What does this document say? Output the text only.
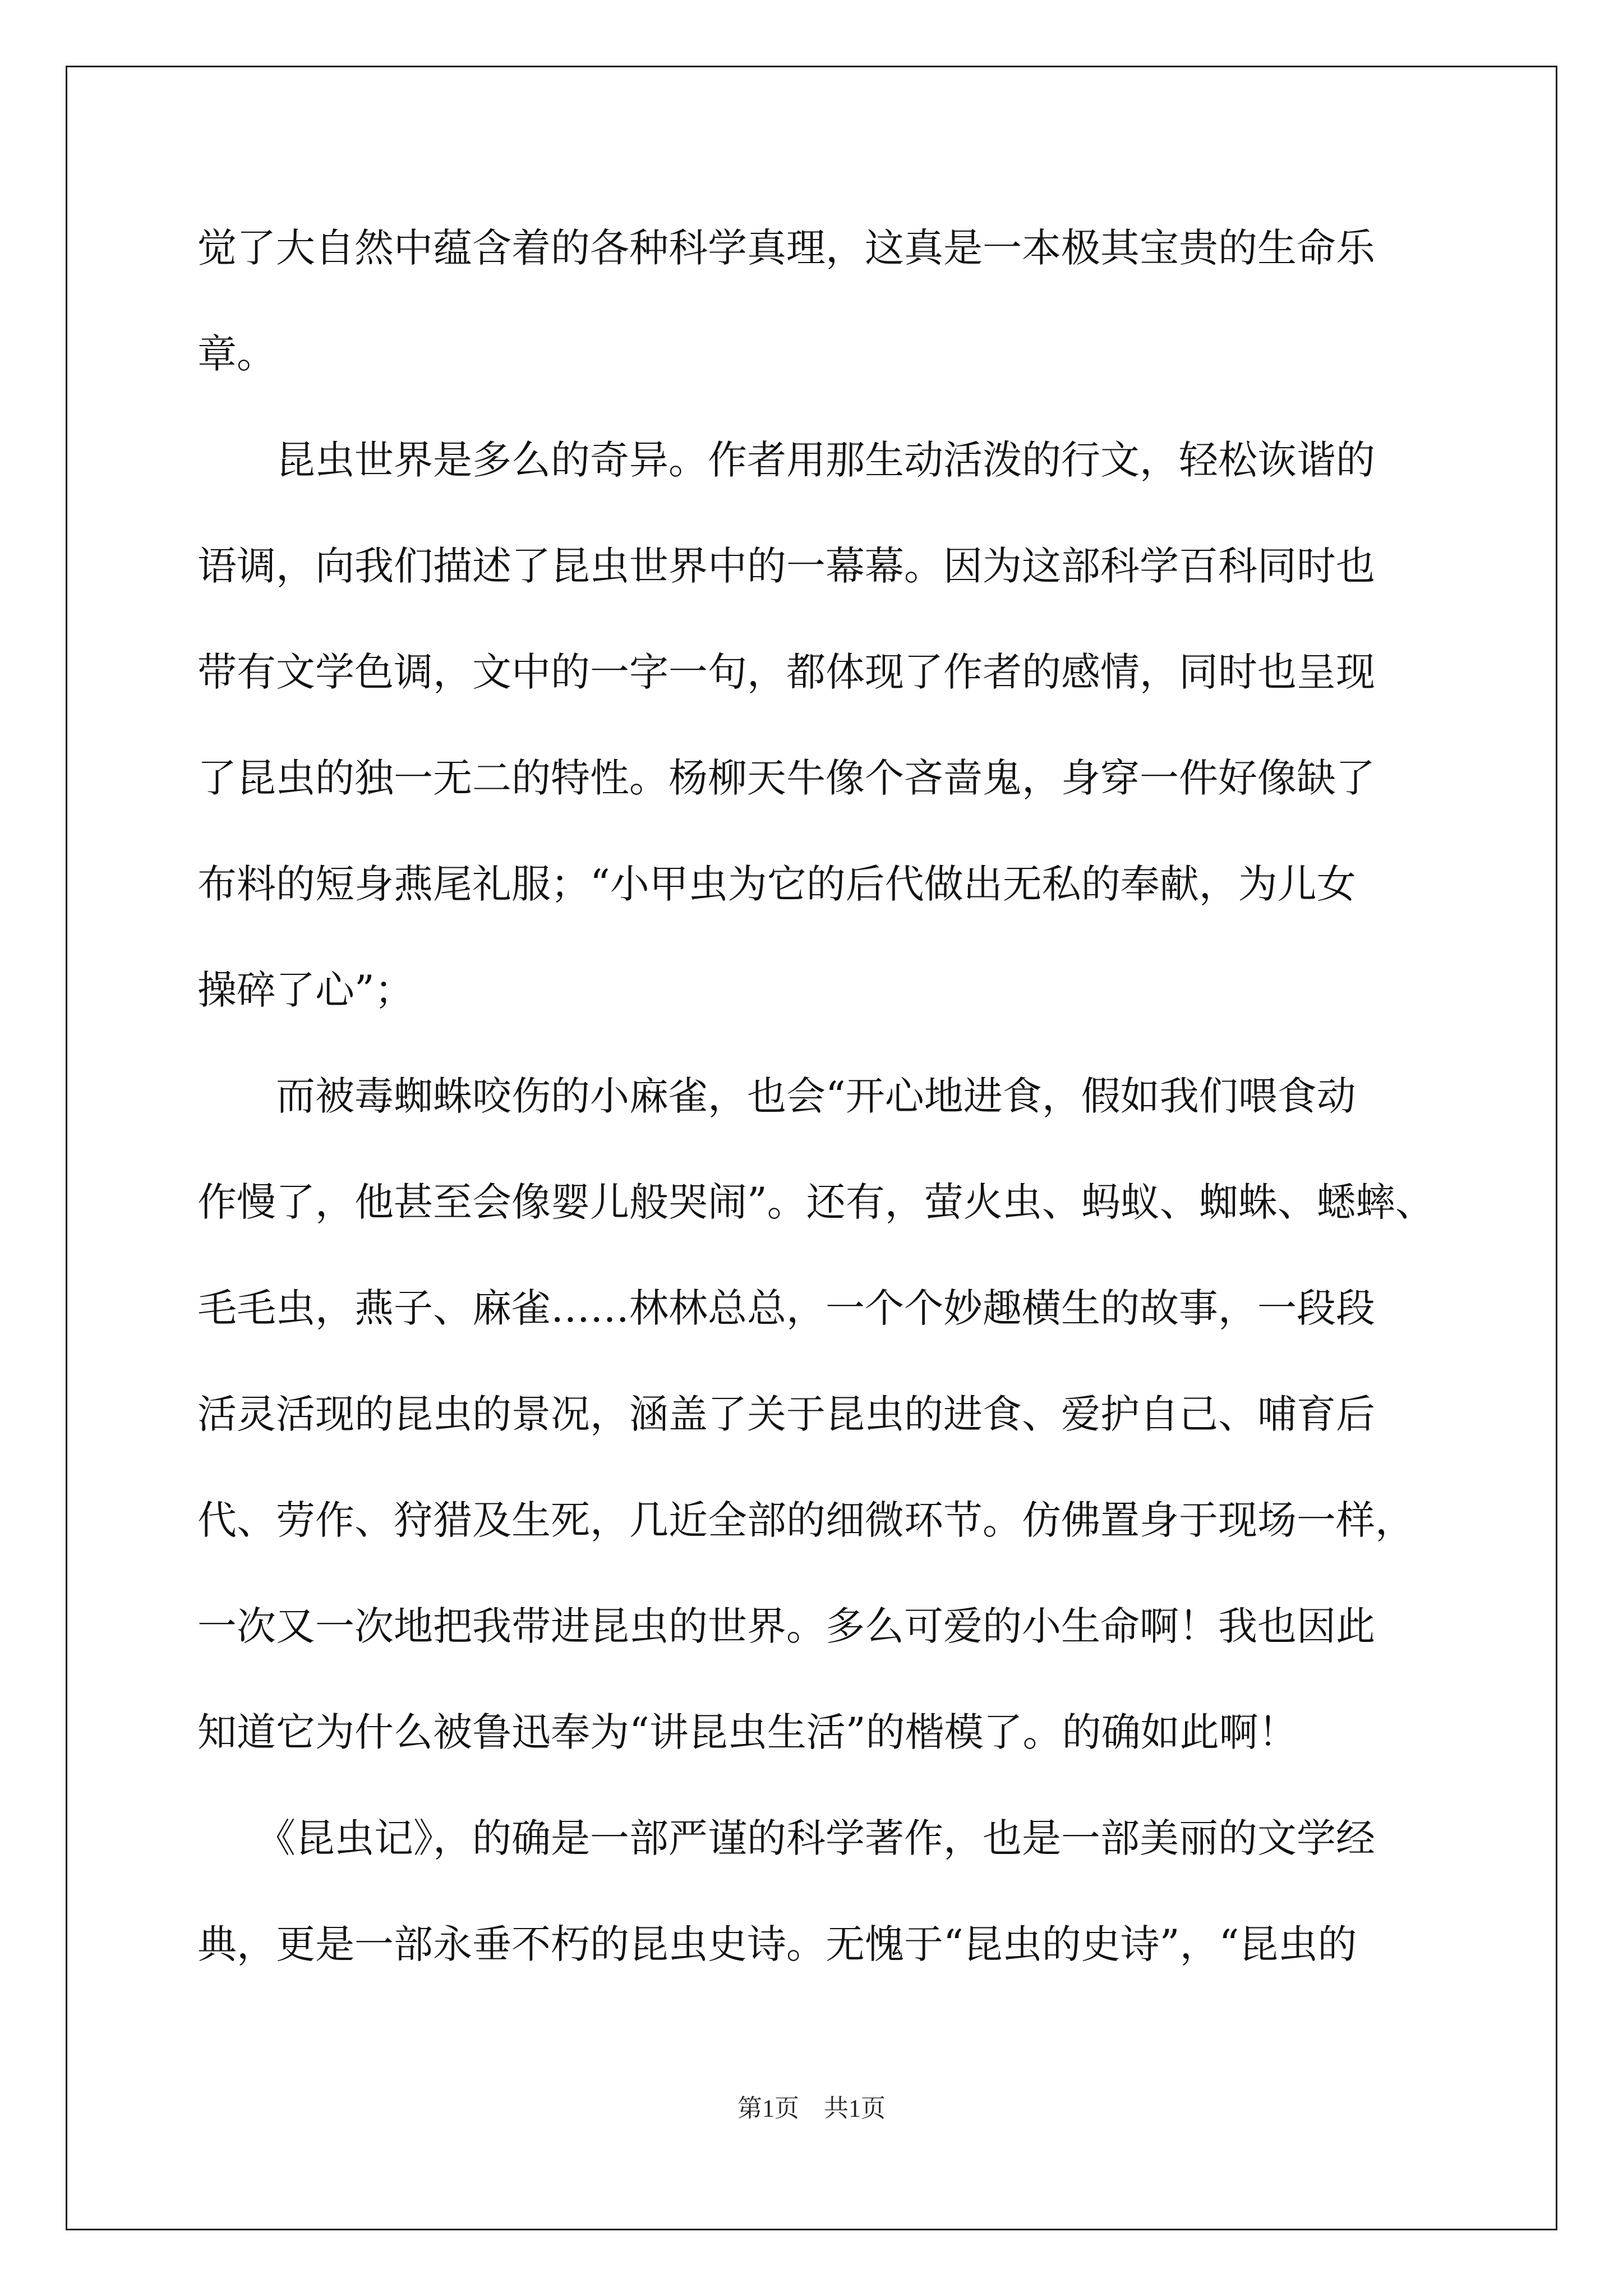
觉了大自然中蕴含着的各种科学真理，这真是一本极其宝贵的生命乐
章。
　　昆虫世界是多么的奇异。作者用那生动活泼的行文，轻松诙谐的
语调，向我们描述了昆虫世界中的一幕幕。因为这部科学百科同时也
带有文学色调，文中的一字一句，都体现了作者的感情，同时也呈现
了昆虫的独一无二的特性。杨柳天牛像个吝啬鬼，身穿一件好像缺了
布料的短身燕尾礼服；“小甲虫为它的后代做出无私的奉献，为儿女
操碎了心”；
　　而被毒蜘蛛咬伤的小麻雀，也会“开心地进食，假如我们喂食动
作慢了，他甚至会像婴儿般哭闹”。还有，萤火虫、蚂蚁、蜘蛛、蟋蟀、
毛毛虫，燕子、麻雀……林林总总，一个个妙趣横生的故事，一段段
活灵活现的昆虫的景况，涵盖了关于昆虫的进食、爱护自己、哺育后
代、劳作、狩猎及生死，几近全部的细微环节。仿佛置身于现场一样，
一次又一次地把我带进昆虫的世界。多么可爱的小生命啊！我也因此
知道它为什么被鲁迅奉为“讲昆虫生活”的楷模了。的确如此啊！
　　《昆虫记》，的确是一部严谨的科学著作，也是一部美丽的文学经
典，更是一部永垂不朽的昆虫史诗。无愧于“昆虫的史诗”，“昆虫的
第1页　共1页
